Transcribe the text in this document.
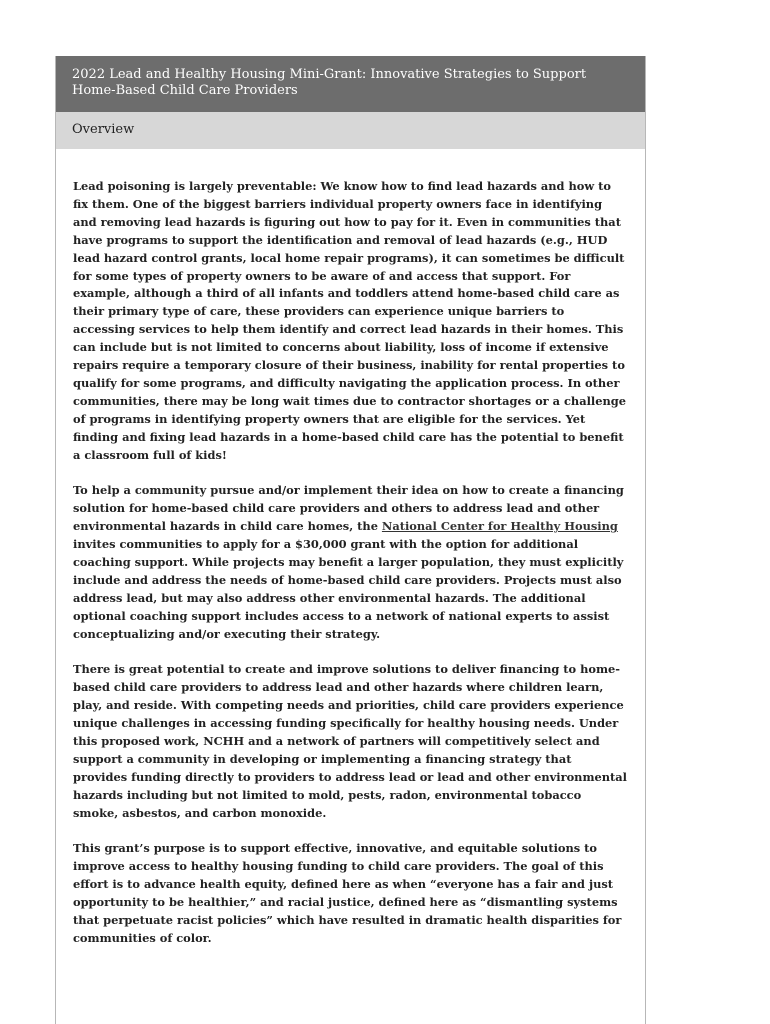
2022 Lead and Healthy Housing Mini-Grant: Innovative Strategies to Support
Home-Based Child Care Providers
Overview

Lead poisoning is largely preventable: We know how to find lead hazards and how to fix them. One of the biggest barriers individual property owners face in identifying and removing lead hazards is figuring out how to pay for it. Even in communities that have programs to support the identification and removal of lead hazards (e.g., HUD lead hazard control grants, local home repair programs), it can sometimes be difficult for some types of property owners to be aware of and access that support. For example, although a third of all infants and toddlers attend home-based child care as their primary type of care, these providers can experience unique barriers to accessing services to help them identify and correct lead hazards in their homes. This can include but is not limited to concerns about liability, loss of income if extensive repairs require a temporary closure of their business, inability for rental properties to qualify for some programs, and difficulty navigating the application process. In other communities, there may be long wait times due to contractor shortages or a challenge of programs in identifying property owners that are eligible for the services. Yet finding and fixing lead hazards in a home-based child care has the potential to benefit a classroom full of kids!

To help a community pursue and/or implement their idea on how to create a financing solution for home-based child care providers and others to address lead and other environmental hazards in child care homes, the National Center for Healthy Housing invites communities to apply for a $30,000 grant with the option for additional coaching support. While projects may benefit a larger population, they must explicitly include and address the needs of home-based child care providers. Projects must also address lead, but may also address other environmental hazards. The additional optional coaching support includes access to a network of national experts to assist conceptualizing and/or executing their strategy.

There is great potential to create and improve solutions to deliver financing to home-based child care providers to address lead and other hazards where children learn, play, and reside. With competing needs and priorities, child care providers experience unique challenges in accessing funding specifically for healthy housing needs. Under this proposed work, NCHH and a network of partners will competitively select and support a community in developing or implementing a financing strategy that provides funding directly to providers to address lead or lead and other environmental hazards including but not limited to mold, pests, radon, environmental tobacco smoke, asbestos, and carbon monoxide.

This grant’s purpose is to support effective, innovative, and equitable solutions to improve access to healthy housing funding to child care providers. The goal of this effort is to advance health equity, defined here as when “everyone has a fair and just opportunity to be healthier,” and racial justice, defined here as “dismantling systems that perpetuate racist policies” which have resulted in dramatic health disparities for communities of color.
